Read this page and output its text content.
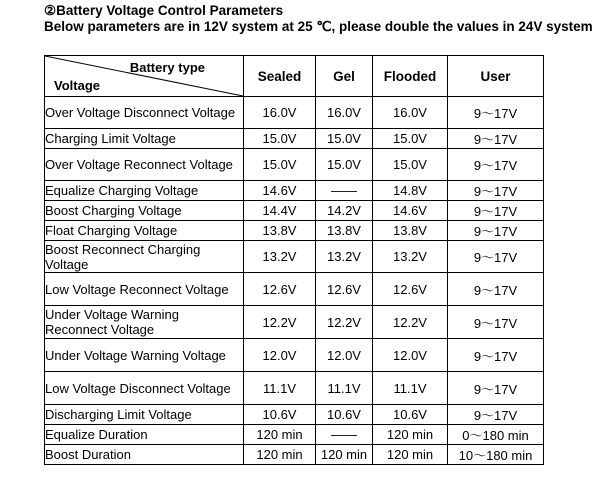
②Battery Voltage Control Parameters
Below parameters are in 12V system at 25 ℃, please double the values in 24V system
Battery type
Voltage	Sealed	Gel	Flooded	User
Over Voltage Disconnect Voltage	16.0V	16.0V	16.0V	9～17V
Charging Limit Voltage	15.0V	15.0V	15.0V	9～17V
Over Voltage Reconnect Voltage	15.0V	15.0V	15.0V	9～17V
Equalize Charging Voltage	14.6V	——	14.8V	9～17V
Boost Charging Voltage	14.4V	14.2V	14.6V	9～17V
Float Charging Voltage	13.8V	13.8V	13.8V	9～17V
Boost Reconnect Charging Voltage	13.2V	13.2V	13.2V	9～17V
Low Voltage Reconnect Voltage	12.6V	12.6V	12.6V	9～17V
Under Voltage Warning Reconnect Voltage	12.2V	12.2V	12.2V	9～17V
Under Voltage Warning Voltage	12.0V	12.0V	12.0V	9～17V
Low Voltage Disconnect Voltage	11.1V	11.1V	11.1V	9～17V
Discharging Limit Voltage	10.6V	10.6V	10.6V	9～17V
Equalize Duration	120 min	——	120 min	0～180 min
Boost Duration	120 min	120 min	120 min	10～180 min
